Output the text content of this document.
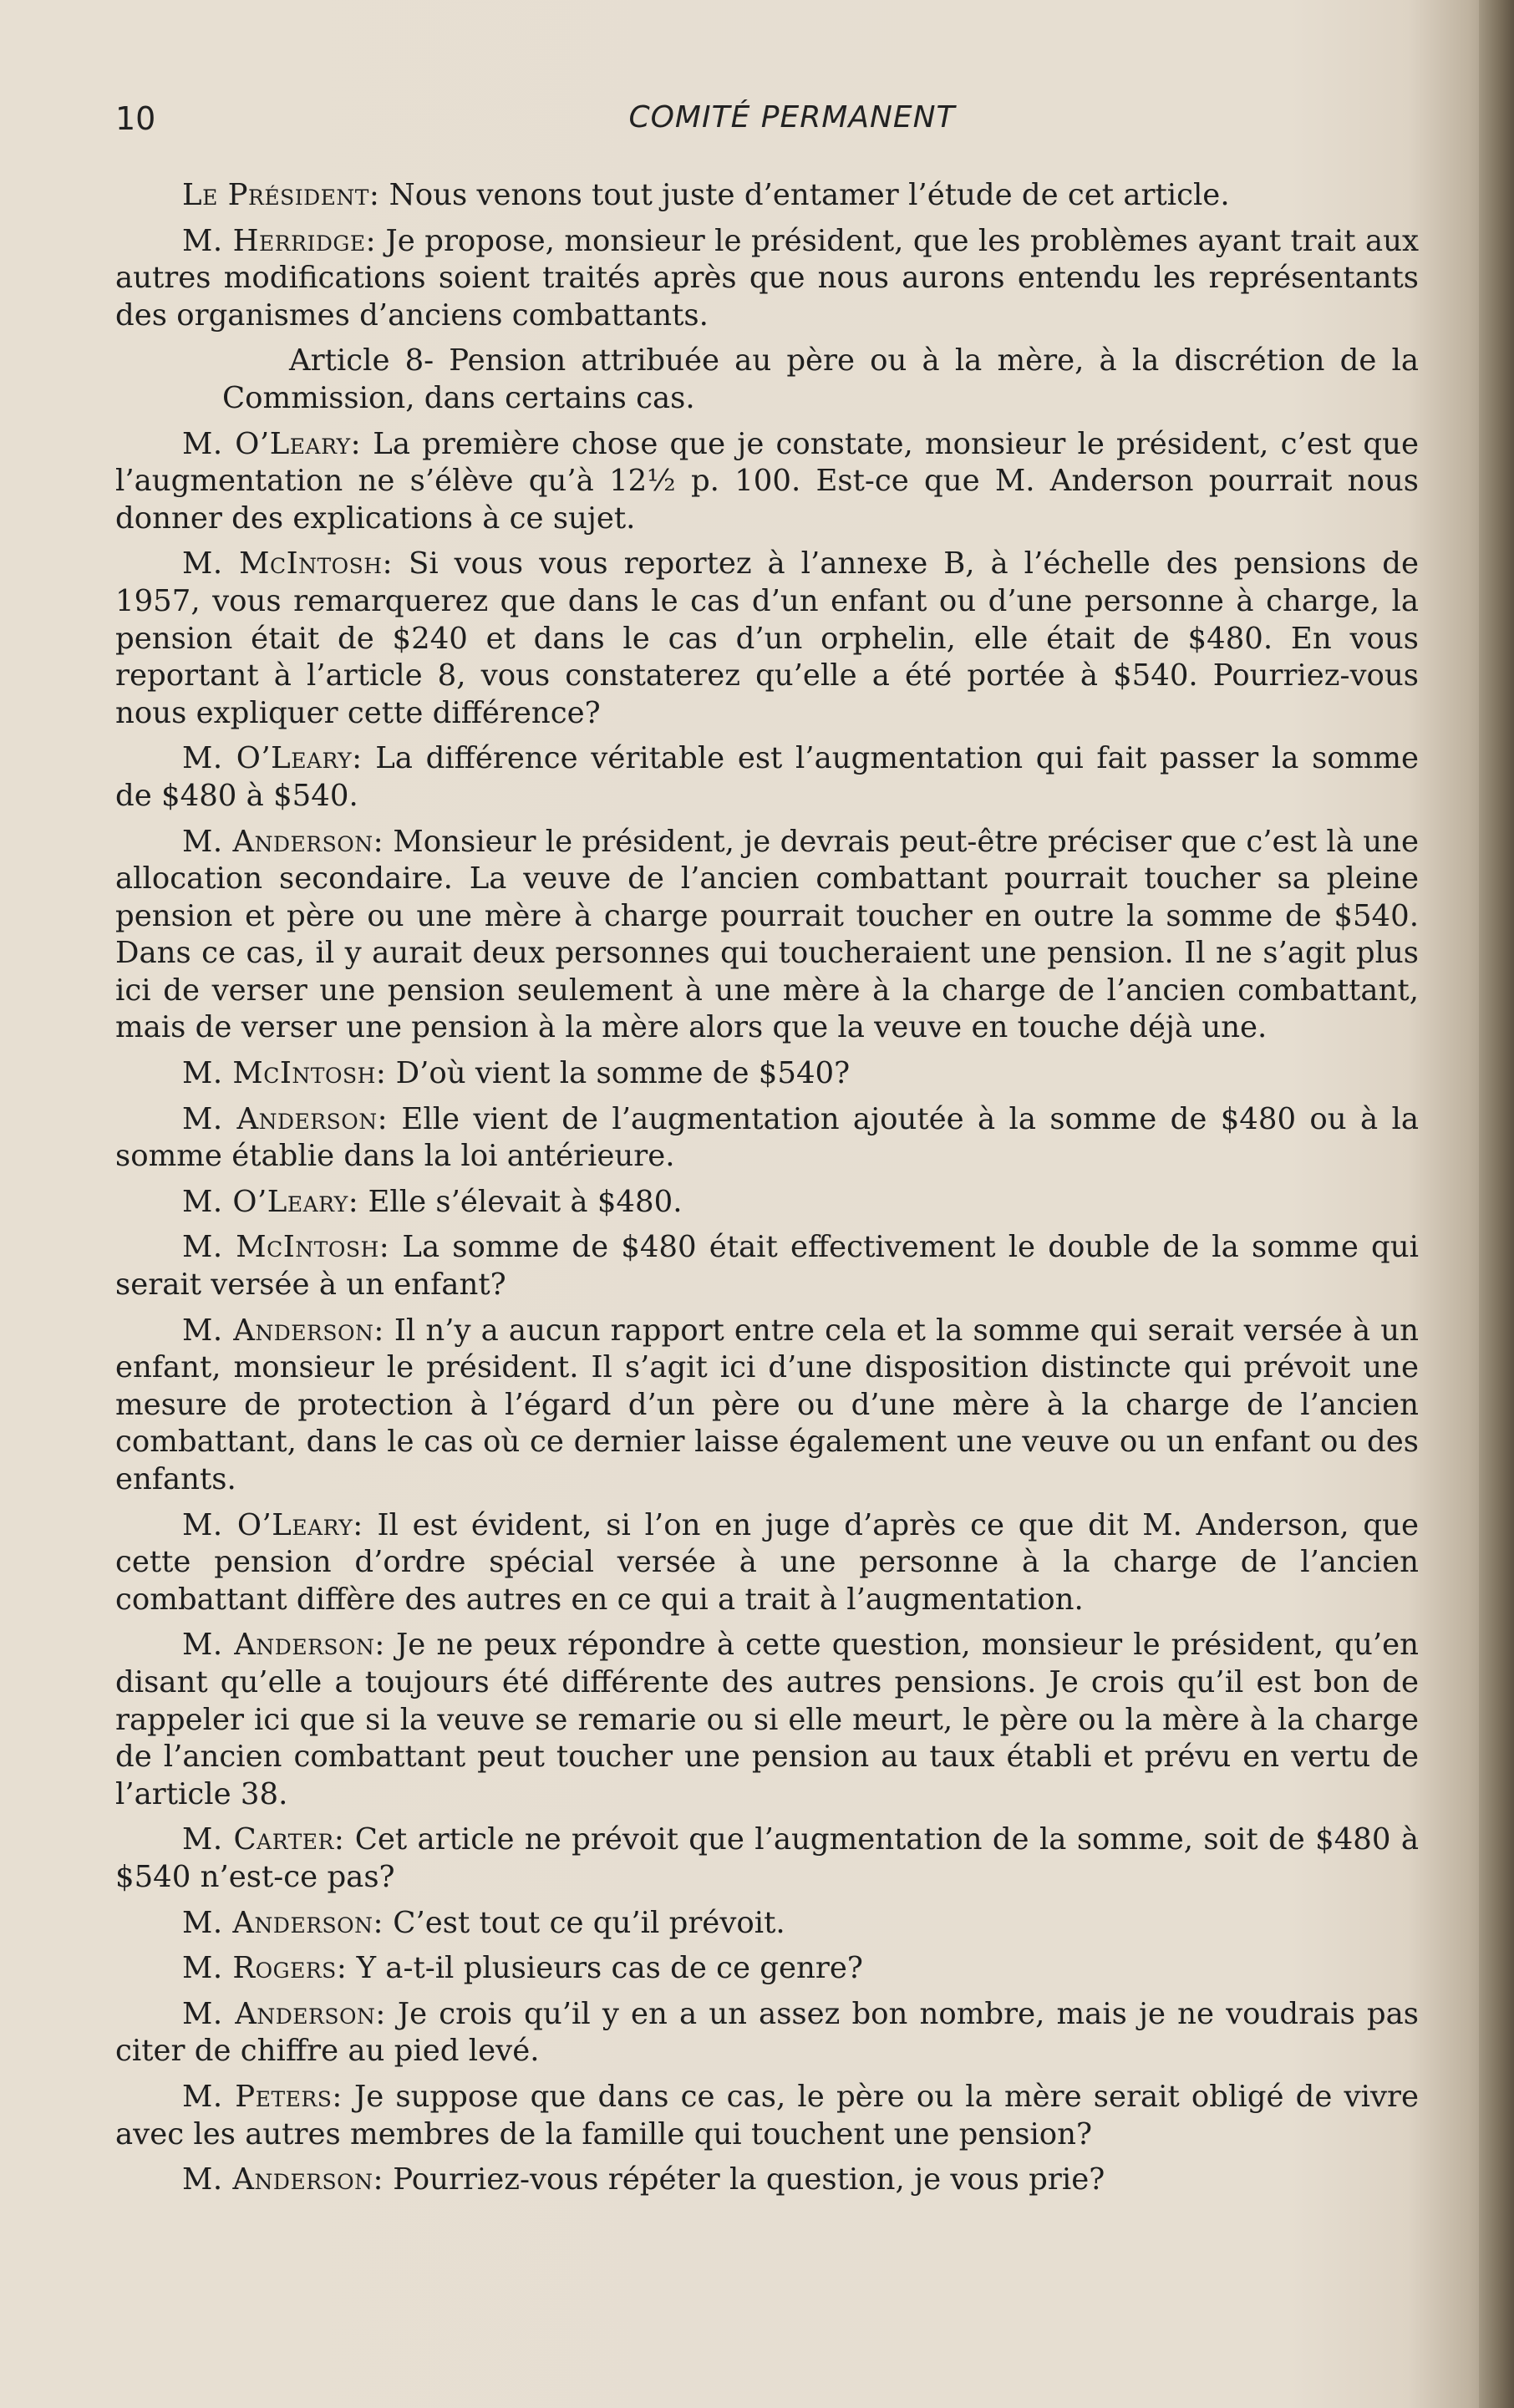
10	COMITÉ PERMANENT

Le Président: Nous venons tout juste d’entamer l’étude de cet article.

M. Herridge: Je propose, monsieur le président, que les problèmes ayant trait aux autres modifications soient traités après que nous aurons entendu les représentants des organismes d’anciens combattants.

Article 8- Pension attribuée au père ou à la mère, à la discrétion de la Commission, dans certains cas.

M. O’Leary: La première chose que je constate, monsieur le président, c’est que l’augmentation ne s’élève qu’à 12½ p. 100. Est-ce que M. Anderson pourrait nous donner des explications à ce sujet.

M. McIntosh: Si vous vous reportez à l’annexe B, à l’échelle des pensions de 1957, vous remarquerez que dans le cas d’un enfant ou d’une personne à charge, la pension était de $240 et dans le cas d’un orphelin, elle était de $480. En vous reportant à l’article 8, vous constaterez qu’elle a été portée à $540. Pourriez-vous nous expliquer cette différence?

M. O’Leary: La différence véritable est l’augmentation qui fait passer la somme de $480 à $540.

M. Anderson: Monsieur le président, je devrais peut-être préciser que c’est là une allocation secondaire. La veuve de l’ancien combattant pourrait toucher sa pleine pension et père ou une mère à charge pourrait toucher en outre la somme de $540. Dans ce cas, il y aurait deux personnes qui toucheraient une pension. Il ne s’agit plus ici de verser une pension seulement à une mère à la charge de l’ancien combattant, mais de verser une pension à la mère alors que la veuve en touche déjà une.

M. McIntosh: D’où vient la somme de $540?

M. Anderson: Elle vient de l’augmentation ajoutée à la somme de $480 ou à la somme établie dans la loi antérieure.

M. O’Leary: Elle s’élevait à $480.

M. McIntosh: La somme de $480 était effectivement le double de la somme qui serait versée à un enfant?

M. Anderson: Il n’y a aucun rapport entre cela et la somme qui serait versée à un enfant, monsieur le président. Il s’agit ici d’une disposition distincte qui prévoit une mesure de protection à l’égard d’un père ou d’une mère à la charge de l’ancien combattant, dans le cas où ce dernier laisse également une veuve ou un enfant ou des enfants.

M. O’Leary: Il est évident, si l’on en juge d’après ce que dit M. Anderson, que cette pension d’ordre spécial versée à une personne à la charge de l’ancien combattant diffère des autres en ce qui a trait à l’augmentation.

M. Anderson: Je ne peux répondre à cette question, monsieur le président, qu’en disant qu’elle a toujours été différente des autres pensions. Je crois qu’il est bon de rappeler ici que si la veuve se remarie ou si elle meurt, le père ou la mère à la charge de l’ancien combattant peut toucher une pension au taux établi et prévu en vertu de l’article 38.

M. Carter: Cet article ne prévoit que l’augmentation de la somme, soit de $480 à $540 n’est-ce pas?

M. Anderson: C’est tout ce qu’il prévoit.

M. Rogers: Y a-t-il plusieurs cas de ce genre?

M. Anderson: Je crois qu’il y en a un assez bon nombre, mais je ne voudrais pas citer de chiffre au pied levé.

M. Peters: Je suppose que dans ce cas, le père ou la mère serait obligé de vivre avec les autres membres de la famille qui touchent une pension?

M. Anderson: Pourriez-vous répéter la question, je vous prie?
